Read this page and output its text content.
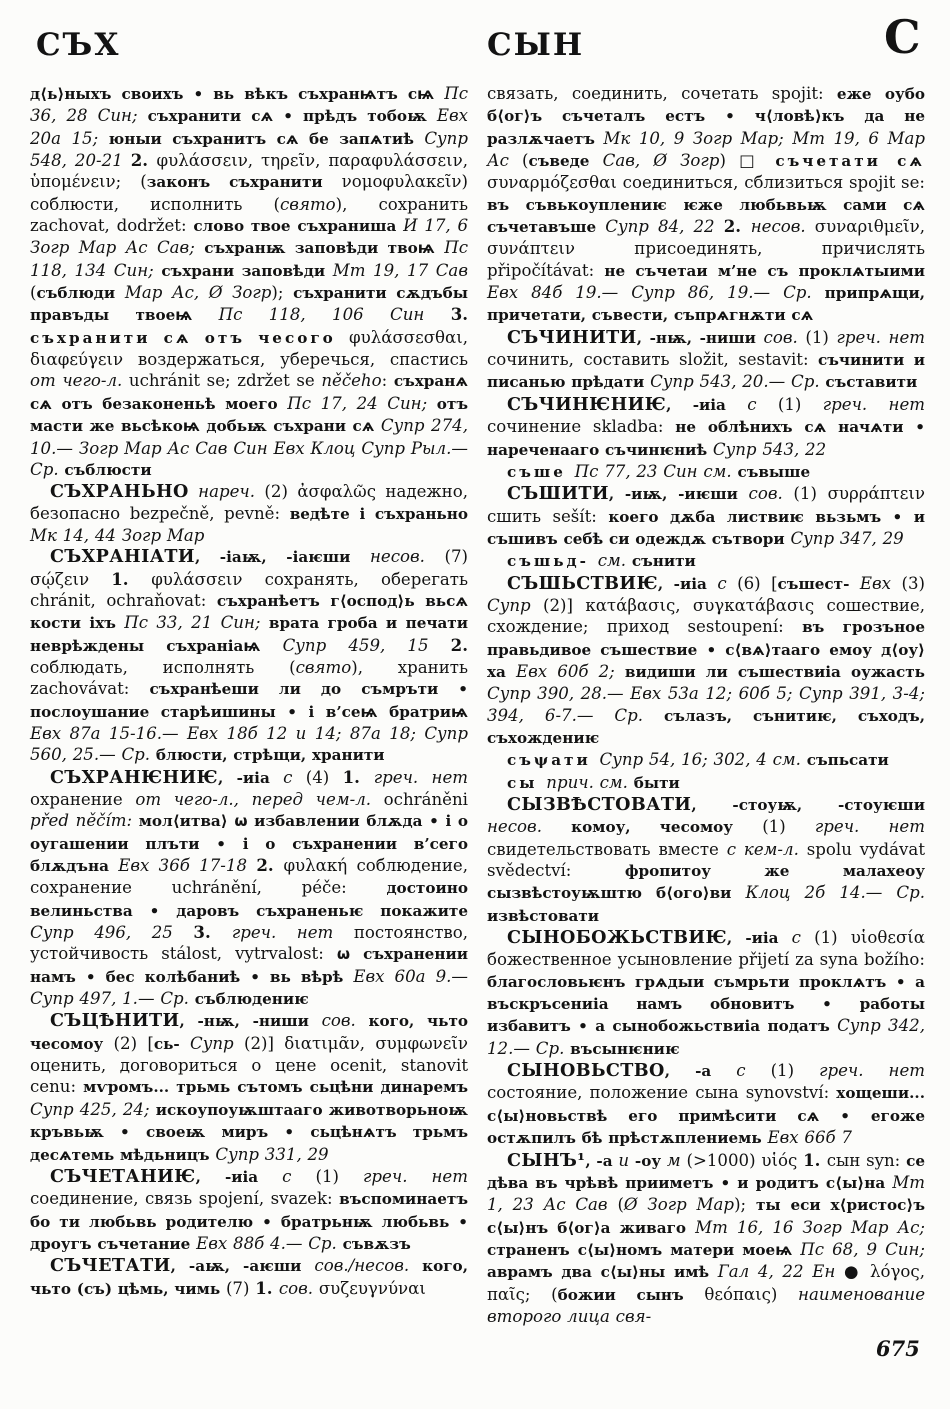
СЪХ	СЫН	С

д⟨ь⟩ныхъ своихъ • вь вѣкъ съхранѩтъ сѩ Пс 36, 28 Син; съхранити сѧ • прѣдъ тобоѭ Евх 20а 15; юныи съхранитъ сѧ бе запѧтиѣ Супр 548, 20-21 2. φυλάσσειν, τηρεῖν, παραφυλάσσειν, ὑπομένειν; (законъ съхранити νομοφυλακεῖν) соблюсти, исполнить (свято), сохранить zachovat, dodržet: слово твое съхраниша И 17, 6 Зогр Мар Ас Сав; съхранѭ заповѣди твоѩ Пс 118, 134 Син; съхрани заповѣди Мт 19, 17 Сав (съблюди Мар Ас, Ø Зогр); съхранити сѫдъбы правъды твоеѩ Пс 118, 106 Син 3. съхранити сѧ отъ чесого φυλάσσεσθαι, διαφεύγειν воздержаться, уберечься, спастись от чего-л. uchránit se; zdržet se něčeho: съхранѧ сѧ отъ безаконеньѣ моего Пс 17, 24 Син; отъ масти же вьсѣкоѩ добьѭ съхрани сѧ Супр 274, 10.— Зогр Мар Ас Сав Син Евх Клоц Супр Рыл.— Ср. съблюсти

СЪХРАНЬНО нареч. (2) ἀσφαλῶς надежно, безопасно bezpečně, pevně: ведѣте і съхраньно Мк 14, 44 Зогр Мар

СЪХРАНІАТИ, -іаѭ, -іаѥши несов. (7) σῴζειν 1. φυλάσσειν сохранять, оберегать chránit, ochraňovat: съхранѣетъ г⟨оспод⟩ь вьсѧ кости іхъ Пс 33, 21 Син; врата гроба и печати неврѣждены съхраніаѩ Супр 459, 15 2. соблюдать, исполнять (свято), хранить zachovávat: съхранѣеши ли до съмръти • послоушание старѣишины • і в’сеѩ братриѩ Евх 87а 15-16.— Евх 18б 12 и 14; 87а 18; Супр 560, 25.— Ср. блюсти, стрѣщи, хранити

СЪХРАНѤНИѤ, -иіа с (4) 1. греч. нет охранение от чего-л., перед чем-л. ochráněni před něčím: мол⟨итва⟩ ѡ избавлении блѫда • і о оугашении плъти • і о съхранении в’сего блѫдъна Евх 36б 17-18 2. φυλακή соблюдение, сохранение uchránění, péče: достоино велиньства • даровъ съхраненьѥ покажите Супр 496, 25 3. греч. нет постоянство, устойчивость stálost, vytrvalost: ѡ съхранении намъ • бес колѣбаниѣ • вь вѣрѣ Евх 60а 9.— Супр 497, 1.— Ср. съблюдениѥ

СЪЦѢНИТИ, -нѭ, -ниши сов. кого, чьто чесомоу (2) [сь- Супр (2)] διατιμᾶν, συμφωνεῖν оценить, договориться о цене ocenit, stanovit cenu: мѵромъ... трьмь сътомъ сьцѣни динаремъ Супр 425, 24; искоупоуѭштааго животворьноѭ кръвьѭ • своеѭ миръ • сьцѣнѧтъ трьмъ десѧтемь мѣдьницъ Супр 331, 29

СЪЧЕТАНИѤ, -иіа с (1) греч. нет соединение, связь spojení, svazek: въспоминаетъ бо ти любьвь родителю • братрьнѭ любьвь • дроугъ съчетание Евх 88б 4.— Ср. съвѫзъ

СЪЧЕТАТИ, -аѭ, -аѥши сов./несов. кого, чьто (съ) цѣмь, чимь (7) 1. сов. συζευγνύναι

связать, соединить, сочетать spojit: еже оубо б⟨ог⟩ъ съчеталъ естъ • ч⟨ловѣ⟩къ да не разлѫчаетъ Мк 10, 9 Зогр Мар; Мт 19, 6 Мар Ас (съведе Сав, Ø Зогр) □ съчетати сѧ συναρμόζεσθαι соединиться, сблизиться spojit se: въ съвькоуплениѥ ѥже любьвьѭ сами сѧ съчетавъше Супр 84, 22 2. несов. συναριθμεῖν, συνάπτειν присоединять, причислять připočítávat: не съчетаи м’не съ проклѧтыими Евх 84б 19.— Супр 86, 19.— Ср. припрѧщи, причетати, съвести, съпрѧгнѫти сѧ

СЪЧИНИТИ, -нѭ, -ниши сов. (1) греч. нет сочинить, составить složit, sestavit: съчинити и писанью прѣдати Супр 543, 20.— Ср. съставити

СЪЧИНѤНИѤ, -иіа с (1) греч. нет сочинение skladba: не облѣнихъ сѧ начѧти • нареченааго съчинѥниѣ Супр 543, 22

съше Пс 77, 23 Син см. съвыше

СЪШИТИ, -иѭ, -иѥши сов. (1) συρράπτειν сшить sešít: коего дѫба листвиѥ вьзьмъ • и съшивъ себѣ си одеждѫ сътвори Супр 347, 29

съшьд- см. сънити

СЪШЬСТВИѤ, -иіа с (6) [съшест- Евх (3) Супр (2)] κατάβασις, συγκατάβασις сошествие, схождение; приход sestoupení: въ грозъное правьдивое съшествие • с⟨вѧ⟩тааго емоу д⟨оу⟩ха Евх 60б 2; видиши ли съшествиіа оужасть Супр 390, 28.— Евх 53а 12; 60б 5; Супр 391, 3-4; 394, 6-7.— Ср. сълазъ, сънитиѥ, съходъ, съхождениѥ

съψати Супр 54, 16; 302, 4 см. съпьсати

сы прич. см. быти

СЫЗВѢСТОВАТИ, -стоуѭ, -стоуѥши несов. комоу, чесомоу (1) греч. нет свидетельствовать вместе с кем-л. spolu vydávat svědectví: фропитоу же малахеоу сызвѣстоуѭштю б⟨ого⟩ви Клоц 2б 14.— Ср. извѣстовати

СЫНОБОЖЬСТВИѤ, -иіа с (1) υἱοθεσία божественное усыновление přijetí za syna božího: благословьѥнъ грѧдыи съмрьти проклѧтъ • а въскръсениіа намъ обновитъ • работы избавитъ • а сынобожьствиіа податъ Супр 342, 12.— Ср. въсынѥниѥ

СЫНОВЬСТВО, -а с (1) греч. нет состояние, положение сына synovství: хощеши... с⟨ы⟩новьствѣ его примѣсити сѧ • егоже остѫпилъ бѣ прѣстѫплениемь Евх 66б 7

СЫНЪ¹, -а и -оу м (>1000) υἱός 1. сын syn: се дѣва въ чрѣвѣ прииметъ • и родитъ с⟨ы⟩на Мт 1, 23 Ас Сав (Ø Зогр Мар); ты еси х⟨ристос⟩ъ с⟨ы⟩нъ б⟨ог⟩а живаго Мт 16, 16 Зогр Мар Ас; страненъ с⟨ы⟩номъ матери моеѩ Пс 68, 9 Син; аврамъ два с⟨ы⟩ны имѣ Гал 4, 22 Ен ● λόγος, παῖς; (божии сынъ θεόπαις) наименование второго лица свя-

675
